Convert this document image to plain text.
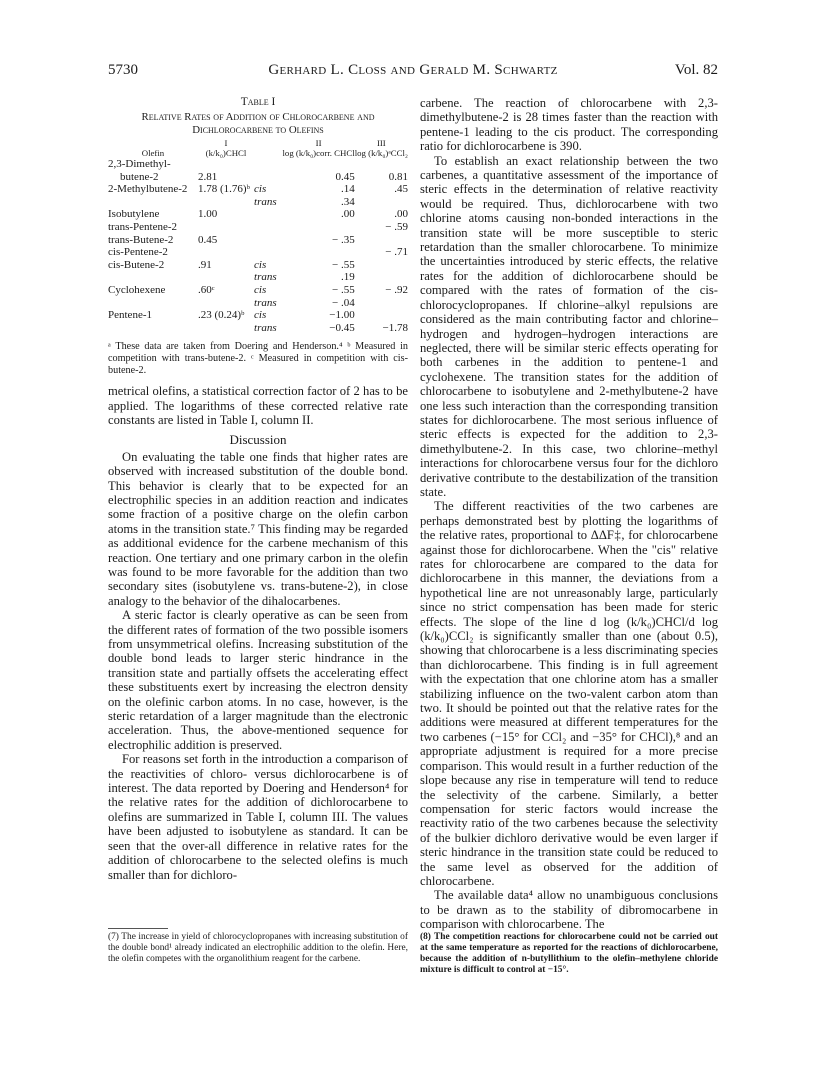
5730	Gerhard L. Closs and Gerald M. Schwartz	Vol. 82
Table I
Relative Rates of Addition of Chlorocarbene and Dichlorocarbene to Olefins
	I		II	III
Olefin	(k/k₀)CHCl		log (k/k₀)corr. CHCl	log (k/k₀)ᵃCCl₂
2,3-Dimethyl-				
butene-2	2.81		0.45	0.81
2-Methylbutene-2	1.78 (1.76)ᵇ	cis	.14	.45
		trans	.34	
Isobutylene	1.00		.00	.00
trans-Pentene-2				− .59
trans-Butene-2	0.45		− .35	
cis-Pentene-2				− .71
cis-Butene-2	.91	cis	− .55	
		trans	.19	
Cyclohexene	.60ᶜ	cis	− .55	− .92
		trans	− .04	
Pentene-1	.23 (0.24)ᵇ	cis	−1.00	
		trans	−0.45	−1.78
ᵃ These data are taken from Doering and Henderson.⁴ ᵇ Measured in competition with trans-butene-2. ᶜ Measured in competition with cis-butene-2.

metrical olefins, a statistical correction factor of 2 has to be applied. The logarithms of these corrected relative rate constants are listed in Table I, column II.

Discussion

On evaluating the table one finds that higher rates are observed with increased substitution of the double bond. This behavior is clearly that to be expected for an electrophilic species in an addition reaction and indicates some fraction of a positive charge on the olefin carbon atoms in the transition state.⁷ This finding may be regarded as additional evidence for the carbene mechanism of this reaction. One tertiary and one primary carbon in the olefin was found to be more favorable for the addition than two secondary sites (isobutylene vs. trans-butene-2), in close analogy to the behavior of the dihalocarbenes.

A steric factor is clearly operative as can be seen from the different rates of formation of the two possible isomers from unsymmetrical olefins. Increasing substitution of the double bond leads to larger steric hindrance in the transition state and partially offsets the accelerating effect these substituents exert by increasing the electron density on the olefinic carbon atoms. In no case, however, is the steric retardation of a larger magnitude than the electronic acceleration. Thus, the above-mentioned sequence for electrophilic addition is preserved.

For reasons set forth in the introduction a comparison of the reactivities of chloro- versus dichlorocarbene is of interest. The data reported by Doering and Henderson⁴ for the relative rates for the addition of dichlorocarbene to olefins are summarized in Table I, column III. The values have been adjusted to isobutylene as standard. It can be seen that the over-all difference in relative rates for the addition of chlorocarbene to the selected olefins is much smaller than for dichloro-

carbene. The reaction of chlorocarbene with 2,3-dimethylbutene-2 is 28 times faster than the reaction with pentene-1 leading to the cis product. The corresponding ratio for dichlorocarbene is 390.

To establish an exact relationship between the two carbenes, a quantitative assessment of the importance of steric effects in the determination of relative reactivity would be required. Thus, dichlorocarbene with two chlorine atoms causing non-bonded interactions in the transition state will be more susceptible to steric retardation than the smaller chlorocarbene. To minimize the uncertainties introduced by steric effects, the relative rates for the addition of dichlorocarbene should be compared with the rates of formation of the cis-chlorocyclopropanes. If chlorine–alkyl repulsions are considered as the main contributing factor and chlorine–hydrogen and hydrogen–hydrogen interactions are neglected, there will be similar steric effects operating for both carbenes in the addition to pentene-1 and cyclohexene. The transition states for the addition of chlorocarbene to isobutylene and 2-methylbutene-2 have one less such interaction than the corresponding transition states for dichlorocarbene. The most serious influence of steric effects is expected for the addition to 2,3-dimethylbutene-2. In this case, two chlorine–methyl interactions for chlorocarbene versus four for the dichloro derivative contribute to the destabilization of the transition state.

The different reactivities of the two carbenes are perhaps demonstrated best by plotting the logarithms of the relative rates, proportional to ΔΔF‡, for chlorocarbene against those for dichlorocarbene. When the "cis" relative rates for chlorocarbene are compared to the data for dichlorocarbene in this manner, the deviations from a hypothetical line are not unreasonably large, particularly since no strict compensation has been made for steric effects. The slope of the line d log (k/k₀)CHCl/d log (k/k₀)CCl₂ is significantly smaller than one (about 0.5), showing that chlorocarbene is a less discriminating species than dichlorocarbene. This finding is in full agreement with the expectation that one chlorine atom has a smaller stabilizing influence on the two-valent carbon atom than two. It should be pointed out that the relative rates for the additions were measured at different temperatures for the two carbenes (−15° for CCl₂ and −35° for CHCl),⁸ and an appropriate adjustment is required for a more precise comparison. This would result in a further reduction of the slope because any rise in temperature will tend to reduce the selectivity of the carbene. Similarly, a better compensation for steric factors would increase the reactivity ratio of the two carbenes because the selectivity of the bulkier dichloro derivative would be even larger if steric hindrance in the transition state could be reduced to the same level as observed for the addition of chlorocarbene.

The available data⁴ allow no unambiguous conclusions to be drawn as to the stability of dibromocarbene in comparison with chlorocarbene. The

(7) The increase in yield of chlorocyclopropanes with increasing substitution of the double bond¹ already indicated an electrophilic addition to the olefin. Here, the olefin competes with the organolithium reagent for the carbene.
(8) The competition reactions for chlorocarbene could not be carried out at the same temperature as reported for the reactions of dichlorocarbene, because the addition of n-butyllithium to the olefin–methylene chloride mixture is difficult to control at −15°.
